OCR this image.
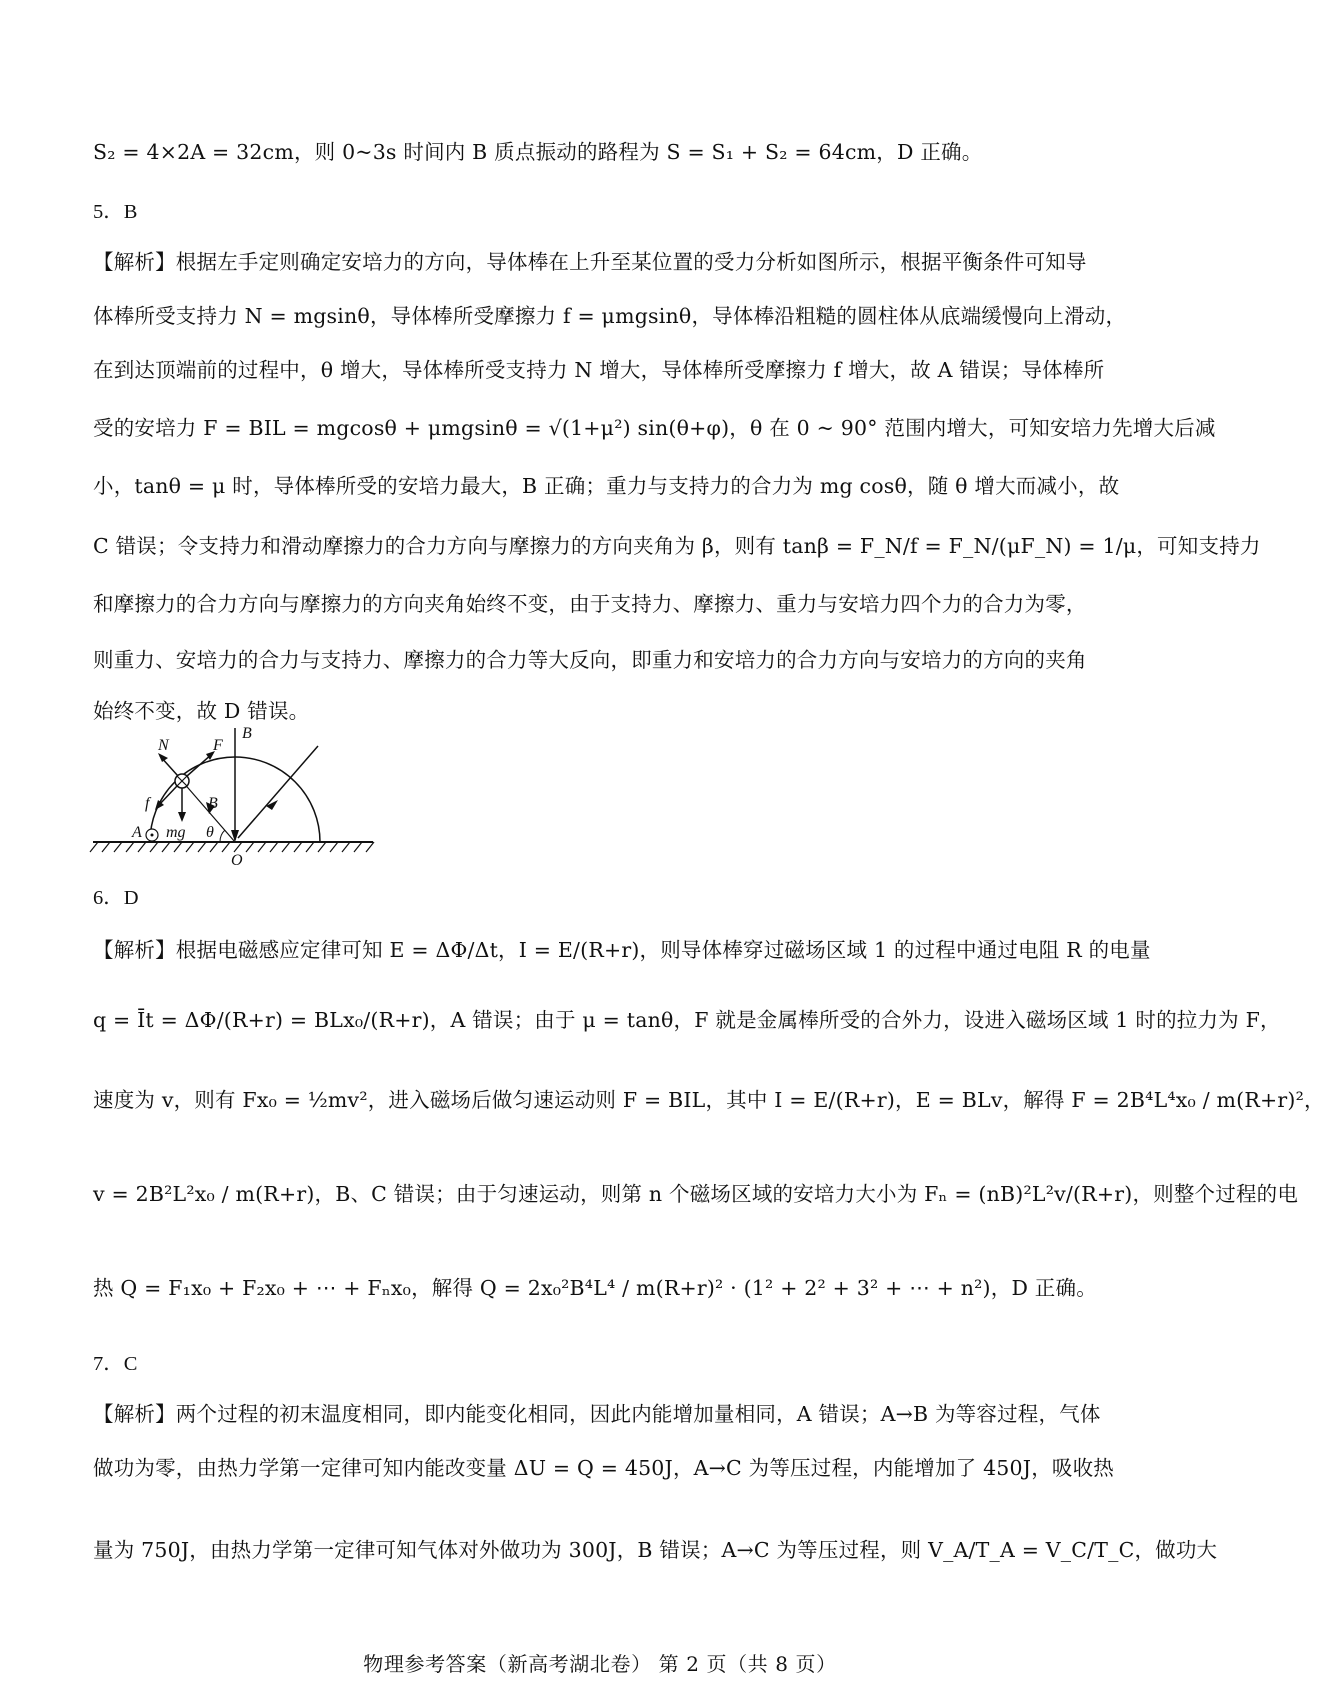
S₂ = 4×2A = 32cm，则 0~3s 时间内 B 质点振动的路程为 S = S₁ + S₂ = 64cm，D 正确。
5．B
【解析】根据左手定则确定安培力的方向，导体棒在上升至某位置的受力分析如图所示，根据平衡条件可知导
体棒所受支持力 N = mgsinθ，导体棒所受摩擦力 f = μmgsinθ，导体棒沿粗糙的圆柱体从底端缓慢向上滑动，
在到达顶端前的过程中，θ 增大，导体棒所受支持力 N 增大，导体棒所受摩擦力 f 增大，故 A 错误；导体棒所
受的安培力 F = BIL = mgcosθ + μmgsinθ = √(1+μ²) sin(θ+φ)，θ 在 0 ~ 90° 范围内增大，可知安培力先增大后减
小，tanθ = μ 时，导体棒所受的安培力最大，B 正确；重力与支持力的合力为 mg cosθ，随 θ 增大而减小，故
C 错误；令支持力和滑动摩擦力的合力方向与摩擦力的方向夹角为 β，则有 tanβ = F_N/f = F_N/(μF_N) = 1/μ，可知支持力
和摩擦力的合力方向与摩擦力的方向夹角始终不变，由于支持力、摩擦力、重力与安培力四个力的合力为零，
则重力、安培力的合力与支持力、摩擦力的合力等大反向，即重力和安培力的合力方向与安培力的方向的夹角
始终不变，故 D 错误。
N	F
B
B
f
A mg θ
O
6．D
【解析】根据电磁感应定律可知 E = ΔΦ/Δt，I = E/(R+r)，则导体棒穿过磁场区域 1 的过程中通过电阻 R 的电量
q = Īt = ΔΦ/(R+r) = BLx₀/(R+r)，A 错误；由于 μ = tanθ，F 就是金属棒所受的合外力，设进入磁场区域 1 时的拉力为 F，
速度为 v，则有 Fx₀ = ½mv²，进入磁场后做匀速运动则 F = BIL，其中 I = E/(R+r)，E = BLv，解得 F = 2B⁴L⁴x₀ / m(R+r)²，
v = 2B²L²x₀ / m(R+r)，B、C 错误；由于匀速运动，则第 n 个磁场区域的安培力大小为 Fₙ = (nB)²L²v/(R+r)，则整个过程的电
热 Q = F₁x₀ + F₂x₀ + ⋯ + Fₙx₀，解得 Q = 2x₀²B⁴L⁴ / m(R+r)² · (1² + 2² + 3² + ⋯ + n²)，D 正确。
7．C
【解析】两个过程的初末温度相同，即内能变化相同，因此内能增加量相同，A 错误；A→B 为等容过程，气体
做功为零，由热力学第一定律可知内能改变量 ΔU = Q = 450J，A→C 为等压过程，内能增加了 450J，吸收热
量为 750J，由热力学第一定律可知气体对外做功为 300J，B 错误；A→C 为等压过程，则 V_A/T_A = V_C/T_C，做功大
物理参考答案（新高考湖北卷） 第 2 页（共 8 页）
